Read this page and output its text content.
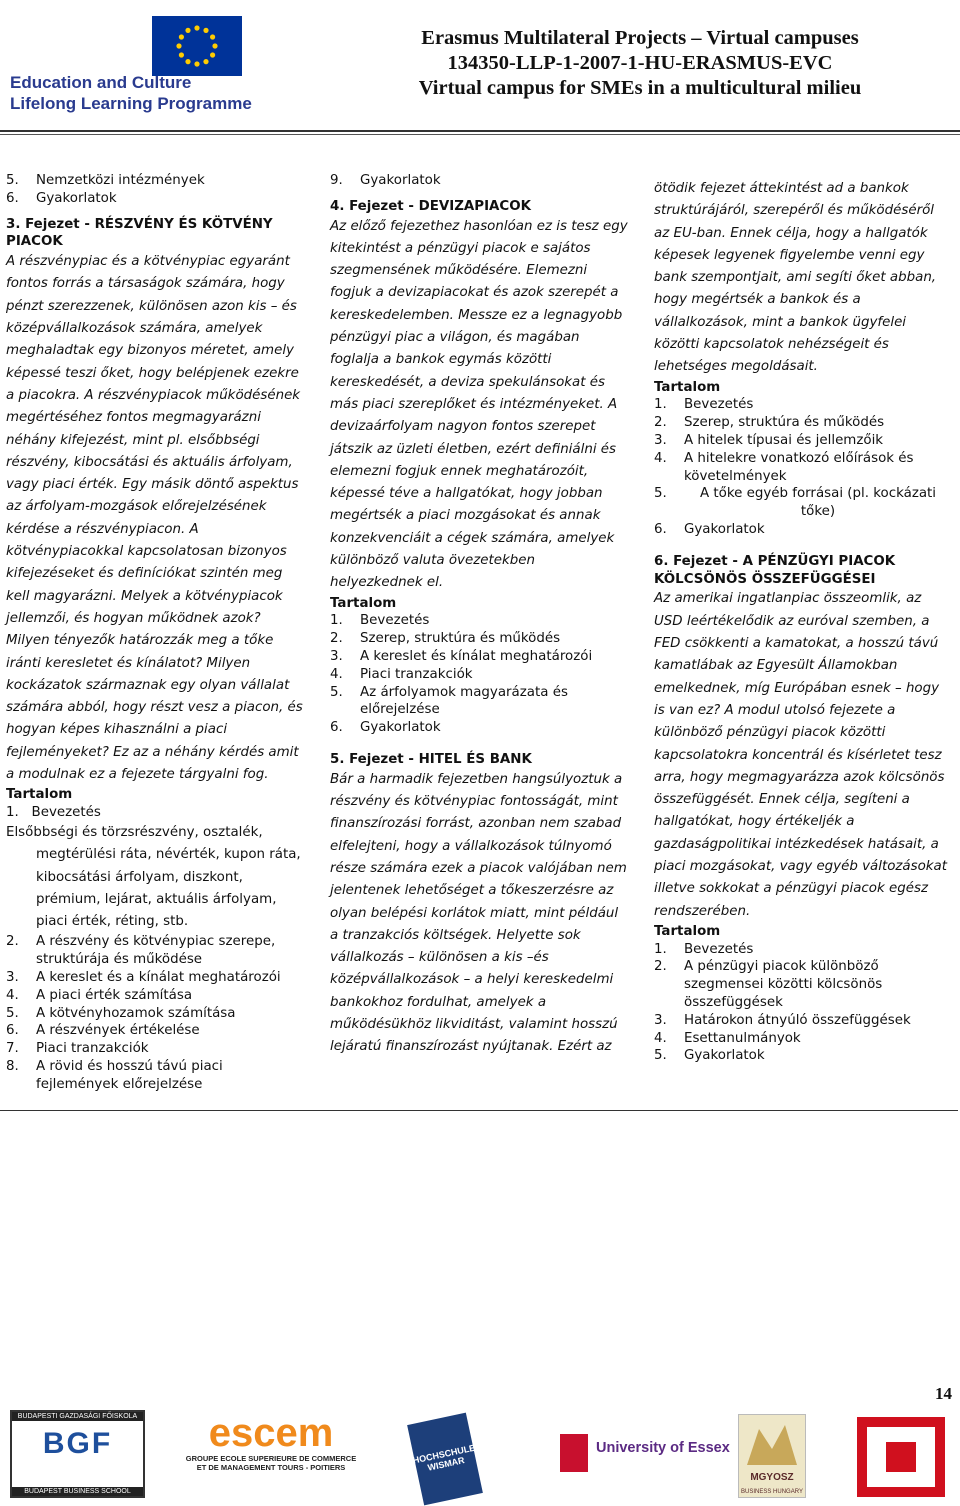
Education and Culture
Lifelong Learning Programme
Erasmus Multilateral Projects – Virtual campuses
134350-LLP-1-2007-1-HU-ERASMUS-EVC
Virtual campus for SMEs in a multicultural milieu
5.	Nemzetközi intézmények
6.	Gyakorlatok
3. Fejezet - RÉSZVÉNY ÉS KÖTVÉNY PIACOK
A részvénypiac és a kötvénypiac egyaránt fontos forrás a társaságok számára, hogy pénzt szerezzenek, különösen azon kis – és középvállalkozások számára, amelyek meghaladtak egy bizonyos méretet, amely képessé teszi őket, hogy belépjenek ezekre a piacokra. A részvénypiacok működésének megértéséhez fontos megmagyarázni néhány kifejezést, mint pl. elsőbbségi részvény, kibocsátási és aktuális árfolyam, vagy piaci érték. Egy másik döntő aspektus az árfolyam-mozgások előrejelzésének kérdése a részvénypiacon. A kötvénypiacokkal kapcsolatosan bizonyos kifejezéseket és definíciókat szintén meg kell magyarázni. Melyek a kötvénypiacok jellemzői, és hogyan működnek azok? Milyen tényezők határozzák meg a tőke iránti keresletet és kínálatot? Milyen kockázatok származnak egy olyan vállalat számára abból, hogy részt vesz a piacon, és hogyan képes kihasználni a piaci fejleményeket? Ez az a néhány kérdés amit a modulnak ez a fejezete tárgyalni fog.
Tartalom
1.   Bevezetés
Elsőbbségi és törzsrészvény, osztalék, megtérülési ráta, névérték, kupon ráta, kibocsátási árfolyam, diszkont, prémium, lejárat, aktuális árfolyam, piaci érték, réting, stb.
2.	A részvény és kötvénypiac szerepe, struktúrája és működése
3.	A kereslet és a kínálat meghatározói
4.	A piaci érték számítása
5.	A kötvényhozamok számítása
6.	A részvények értékelése
7.	Piaci tranzakciók
8.	A rövid és hosszú távú piaci fejlemények előrejelzése
9.	Gyakorlatok
4. Fejezet - DEVIZAPIACOK
Az előző fejezethez hasonlóan ez is tesz egy kitekintést a pénzügyi piacok e sajátos szegmensének működésére. Elemezni fogjuk a devizapiacokat és azok szerepét a kereskedelemben. Messze ez a legnagyobb pénzügyi piac a világon, és magában foglalja a bankok egymás közötti kereskedését, a deviza spekulánsokat és más piaci szereplőket és intézményeket. A devizaárfolyam nagyon fontos szerepet játszik az üzleti életben, ezért definiálni és elemezni fogjuk ennek meghatározóit, képessé téve a hallgatókat, hogy jobban megértsék a piaci mozgásokat és annak konzekvenciáit a cégek számára, amelyek különböző valuta övezetekben helyezkednek el.
Tartalom
1.	Bevezetés
2.	Szerep, struktúra és működés
3.	A kereslet és kínálat meghatározói
4.	Piaci tranzakciók
5.	Az árfolyamok magyarázata és előrejelzése
6.	Gyakorlatok
5. Fejezet - HITEL ÉS BANK
Bár a harmadik fejezetben hangsúlyoztuk a részvény és kötvénypiac fontosságát, mint finanszírozási forrást, azonban nem szabad elfelejteni, hogy a vállalkozások túlnyomó része számára ezek a piacok valójában nem jelentenek lehetőséget a tőkeszerzésre az olyan belépési korlátok miatt, mint például a tranzakciós költségek. Helyette sok vállalkozás – különösen a kis –és középvállalkozások – a helyi kereskedelmi bankokhoz fordulhat, amelyek a működésükhöz likviditást, valamint hosszú lejáratú finanszírozást nyújtanak. Ezért az
ötödik fejezet áttekintést ad a bankok struktúrájáról, szerepéről és működéséről az EU-ban. Ennek célja, hogy a hallgatók képesek legyenek figyelembe venni egy bank szempontjait, ami segíti őket abban, hogy megértsék a bankok és a vállalkozások, mint a bankok ügyfelei közötti kapcsolatok nehézségeit és lehetséges megoldásait.
Tartalom
1.	Bevezetés
2.	Szerep, struktúra és működés
3.	A hitelek típusai és jellemzőik
4.	A hitelekre vonatkozó előírások és követelmények
5.	A tőke egyéb forrásai (pl. kockázati tőke)
6.	Gyakorlatok
6. Fejezet - A PÉNZÜGYI PIACOK KÖLCSÖNÖS ÖSSZEFÜGGÉSEI
Az amerikai ingatlanpiac összeomlik, az USD leértékelődik az euróval szemben, a FED csökkenti a kamatokat, a hosszú távú kamatlábak az Egyesült Államokban emelkednek, míg Európában esnek – hogy is van ez? A modul utolsó fejezete a különböző pénzügyi piacok közötti kapcsolatokra koncentrál és kísérletet tesz arra, hogy megmagyarázza azok kölcsönös összefüggését. Ennek célja, segíteni a hallgatókat, hogy értékeljék a gazdaságpolitikai intézkedések hatásait, a piaci mozgásokat, vagy egyéb változásokat illetve sokkokat a pénzügyi piacok egész rendszerében.
Tartalom
1.	Bevezetés
2.	A pénzügyi piacok különböző szegmensei közötti kölcsönös összefüggések
3.	Határokon átnyúló összefüggések
4.	Esettanulmányok
5.	Gyakorlatok
14
BUDAPESTI GAZDASÁGI FŐISKOLA
BGF
BUDAPEST BUSINESS SCHOOL
escem
GROUPE ECOLE SUPERIEURE DE COMMERCE
ET DE MANAGEMENT TOURS - POITIERS
HOCHSCHULE WISMAR
University of Essex
MGYOSZ
BUSINESS HUNGARY
